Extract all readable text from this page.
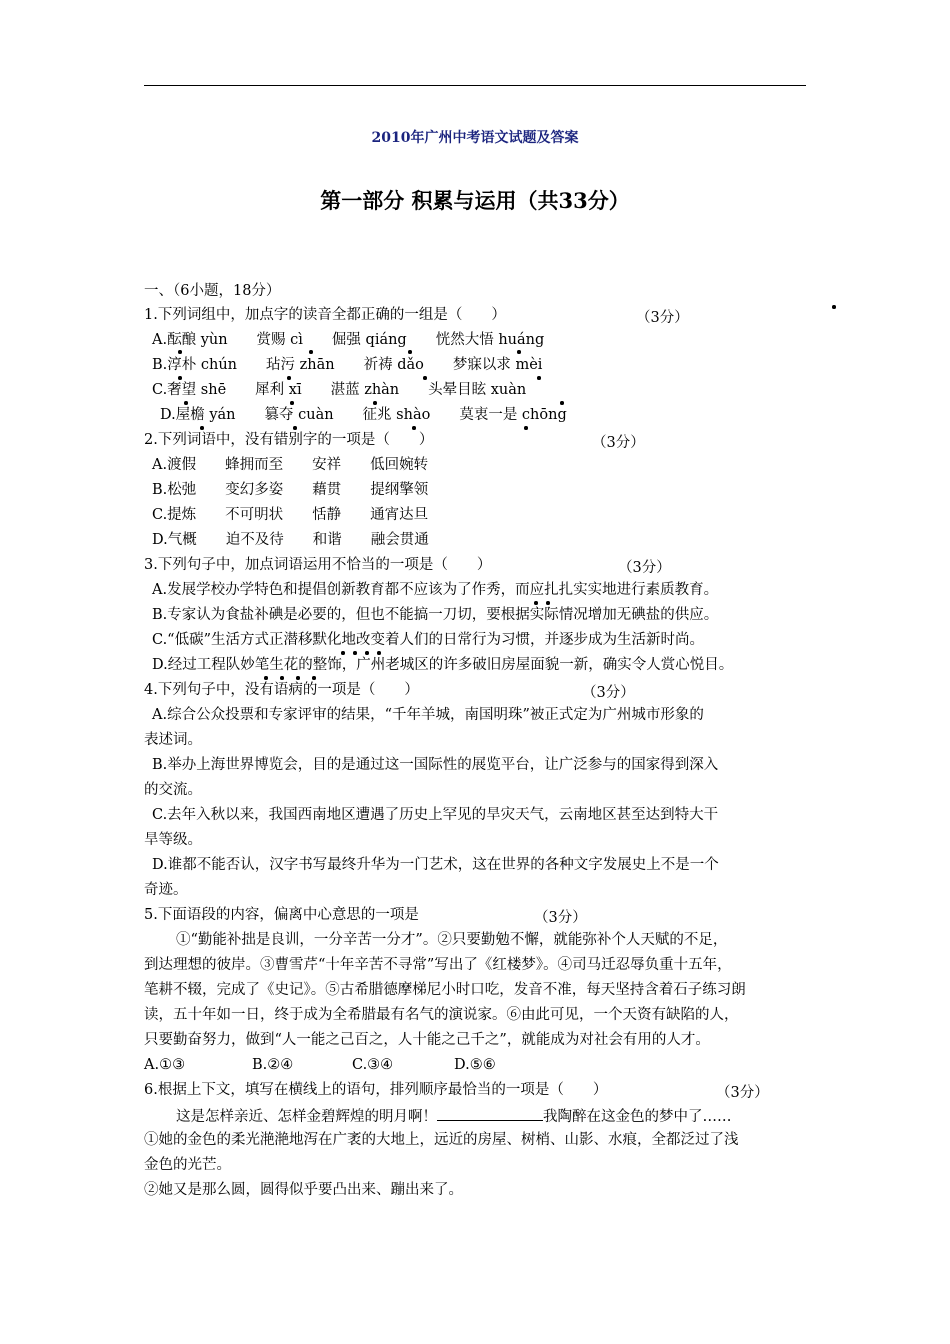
2010年广州中考语文试题及答案
第一部分 积累与运用（共33分）
一、（6小题，18分）
1.下列词组中，加点字的读音全都正确的一组是（　　）	（3分）
A.酝酿 yùn　　赏赐 cì　　倔强 qiáng　　恍然大悟 huáng
B.淳朴 chún　　玷污 zhān　　祈祷 dǎo　　梦寐以求 mèi
C.奢望 shē　　犀利 xī　　湛蓝 zhàn　　头晕目眩 xuàn
D.屋檐 yán　　篡夺 cuàn　　征兆 shào　　莫衷一是 chōng
2.下列词语中，没有错别字的一项是（　　）	（3分）
A.渡假　　蜂拥而至　　安祥　　低回婉转
B.松弛　　变幻多姿　　藉贯　　提纲擎领
C.提炼　　不可明状　　恬静　　通宵达旦
D.气概　　迫不及待　　和谐　　融会贯通
3.下列句子中，加点词语运用不恰当的一项是（　　）	（3分）
A.发展学校办学特色和提倡创新教育都不应该为了作秀，而应扎扎实实地进行素质教育。
B.专家认为食盐补碘是必要的，但也不能搞一刀切，要根据实际情况增加无碘盐的供应。
C.“低碳”生活方式正潜移默化地改变着人们的日常行为习惯，并逐步成为生活新时尚。
D.经过工程队妙笔生花的整饰，广州老城区的许多破旧房屋面貌一新，确实令人赏心悦目。
4.下列句子中，没有语病的一项是（　　）	（3分）
A.综合公众投票和专家评审的结果，“千年羊城，南国明珠”被正式定为广州城市形象的
表述词。
B.举办上海世界博览会，目的是通过这一国际性的展览平台，让广泛参与的国家得到深入
的交流。
C.去年入秋以来，我国西南地区遭遇了历史上罕见的旱灾天气，云南地区甚至达到特大干
旱等级。
D.谁都不能否认，汉字书写最终升华为一门艺术，这在世界的各种文字发展史上不是一个
奇迹。
5.下面语段的内容，偏离中心意思的一项是	（3分）
①“勤能补拙是良训，一分辛苦一分才”。②只要勤勉不懈，就能弥补个人天赋的不足，
到达理想的彼岸。③曹雪芹“十年辛苦不寻常”写出了《红楼梦》。④司马迁忍辱负重十五年，
笔耕不辍，完成了《史记》。⑤古希腊德摩梯尼小时口吃，发音不准，每天坚持含着石子练习朗
读，五十年如一日，终于成为全希腊最有名气的演说家。⑥由此可见，一个天资有缺陷的人，
只要勤奋努力，做到“人一能之己百之，人十能之己千之”，就能成为对社会有用的人才。
A.①③	B.②④	C.③④	D.⑤⑥
6.根据上下文，填写在横线上的语句，排列顺序最恰当的一项是（　　）	（3分）
这是怎样亲近、怎样金碧辉煌的明月啊！	我陶醉在这金色的梦中了……
①她的金色的柔光滟滟地泻在广袤的大地上，远近的房屋、树梢、山影、水痕，全都泛过了浅
金色的光芒。
②她又是那么圆，圆得似乎要凸出来、蹦出来了。
